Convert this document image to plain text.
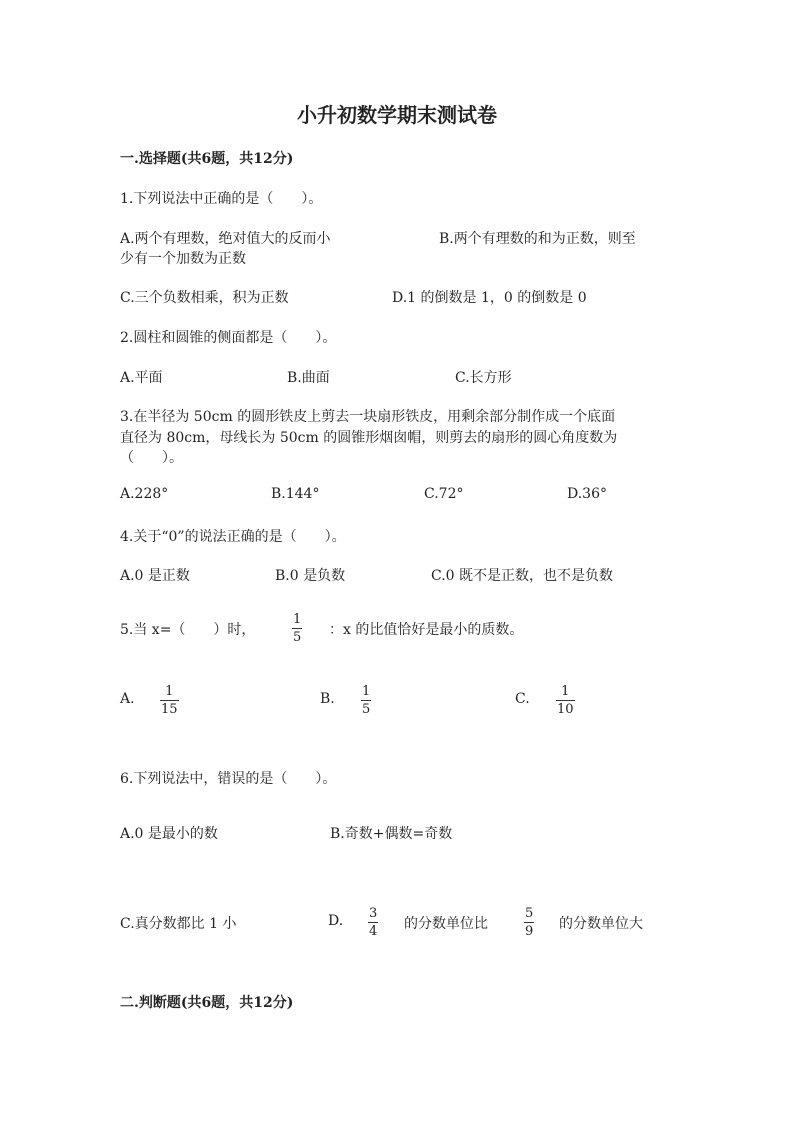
小升初数学期末测试卷
一.选择题(共6题，共12分)
1.下列说法中正确的是（　　）。
A.两个有理数，绝对值大的反而小	B.两个有理数的和为正数，则至
少有一个加数为正数
C.三个负数相乘，积为正数	D.1 的倒数是 1，0 的倒数是 0
2.圆柱和圆锥的侧面都是（　　）。
A.平面	B.曲面	C.长方形
3.在半径为 50cm 的圆形铁皮上剪去一块扇形铁皮，用剩余部分制作成一个底面
直径为 80cm，母线长为 50cm 的圆锥形烟囱帽，则剪去的扇形的圆心角度数为
（　　）。
A.228°	B.144°	C.72°	D.36°
4.关于“0”的说法正确的是（　　）。
A.0 是正数	B.0 是负数	C.0 既不是正数，也不是负数
5.当 x=（　　）时，
1
5 ：x 的比值恰好是最小的质数。
A. 1
15
B. 1
5
C. 1
10
6.下列说法中，错误的是（　　）。
A.0 是最小的数	B.奇数+偶数=奇数
C.真分数都比 1 小	D. 3
4 的分数单位比
5
9 的分数单位大
二.判断题(共6题，共12分)
